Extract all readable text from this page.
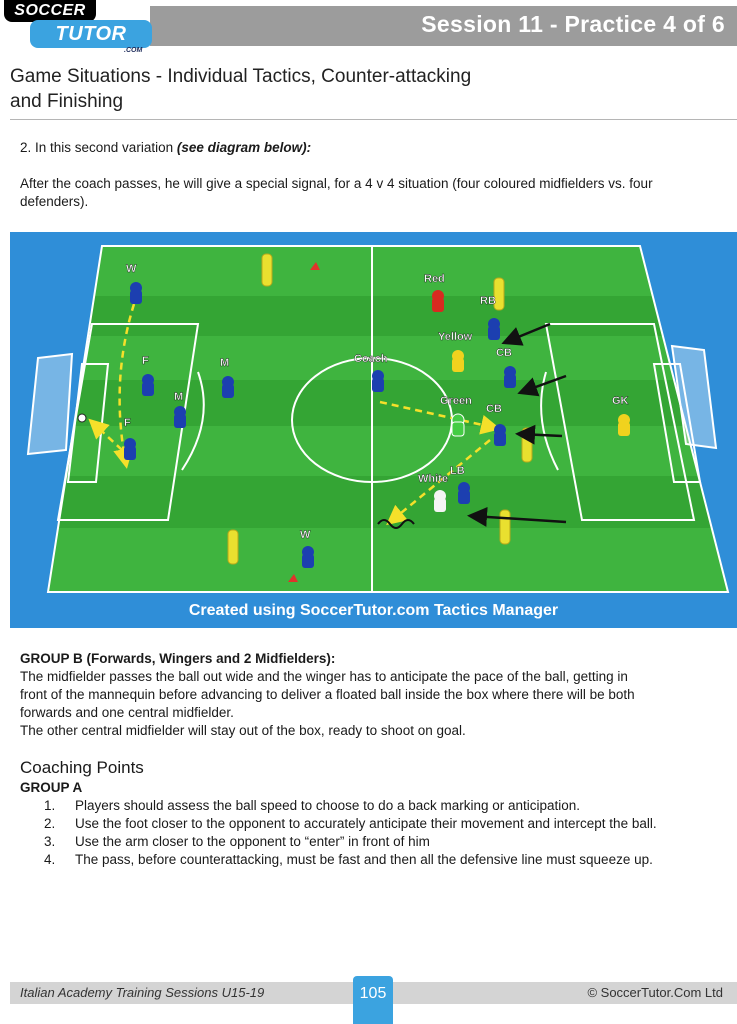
Session 11 - Practice 4 of 6
SOCCER
TUTOR
.COM
Game Situations - Individual Tactics, Counter-attacking
and Finishing
2. In this second variation (see diagram below):
After the coach passes, he will give a special signal, for a 4 v 4 situation (four coloured midfielders vs. four
defenders).
W
F	M
M
F
W
Coach
Red
RB
Yellow
CB
Green
CB
White
LB
GK
Created using SoccerTutor.com Tactics Manager
GROUP B (Forwards, Wingers and 2 Midfielders):
The midfielder passes the ball out wide and the winger has to anticipate the pace of the ball, getting in
front of the mannequin before advancing to deliver a floated ball inside the box where there will be both
forwards and one central midfielder.
The other central midfielder will stay out of the box, ready to shoot on goal.
Coaching Points
GROUP A
1.	Players should assess the ball speed to choose to do a back marking or anticipation.
2.	Use the foot closer to the opponent to accurately anticipate their movement and intercept the ball.
3.	Use the arm closer to the opponent to “enter” in front of him
4.	The pass, before counterattacking, must be fast and then all the defensive line must squeeze up.
Italian Academy Training Sessions U15-19	105	© SoccerTutor.Com Ltd
